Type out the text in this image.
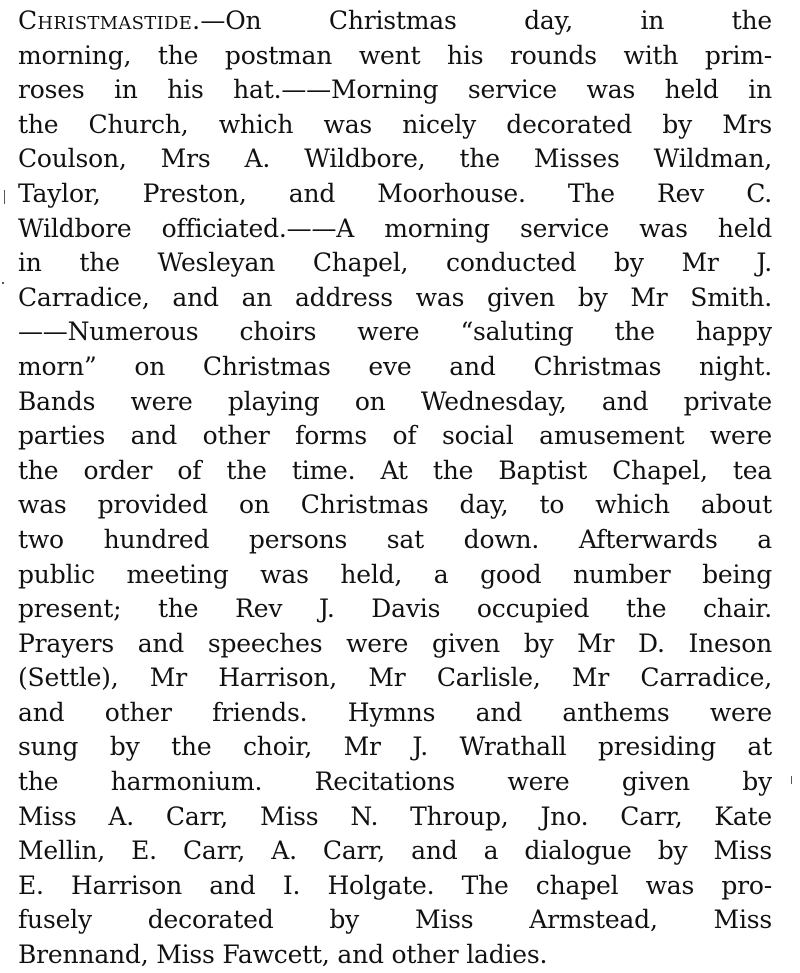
Christmastide.—On Christmas day, in the
morning, the postman went his rounds with prim-
roses in his hat.——Morning service was held in
the Church, which was nicely decorated by Mrs
Coulson, Mrs A. Wildbore, the Misses Wildman,
Taylor, Preston, and Moorhouse. The Rev C.
Wildbore officiated.——A morning service was held
in the Wesleyan Chapel, conducted by Mr J.
Carradice, and an address was given by Mr Smith.
——Numerous choirs were “saluting the happy
morn” on Christmas eve and Christmas night.
Bands were playing on Wednesday, and private
parties and other forms of social amusement were
the order of the time. At the Baptist Chapel, tea
was provided on Christmas day, to which about
two hundred persons sat down. Afterwards a
public meeting was held, a good number being
present; the Rev J. Davis occupied the chair.
Prayers and speeches were given by Mr D. Ineson
(Settle), Mr Harrison, Mr Carlisle, Mr Carradice,
and other friends. Hymns and anthems were
sung by the choir, Mr J. Wrathall presiding at
the harmonium. Recitations were given by
Miss A. Carr, Miss N. Throup, Jno. Carr, Kate
Mellin, E. Carr, A. Carr, and a dialogue by Miss
E. Harrison and I. Holgate. The chapel was pro-
fusely decorated by Miss Armstead, Miss
Brennand, Miss Fawcett, and other ladies.
